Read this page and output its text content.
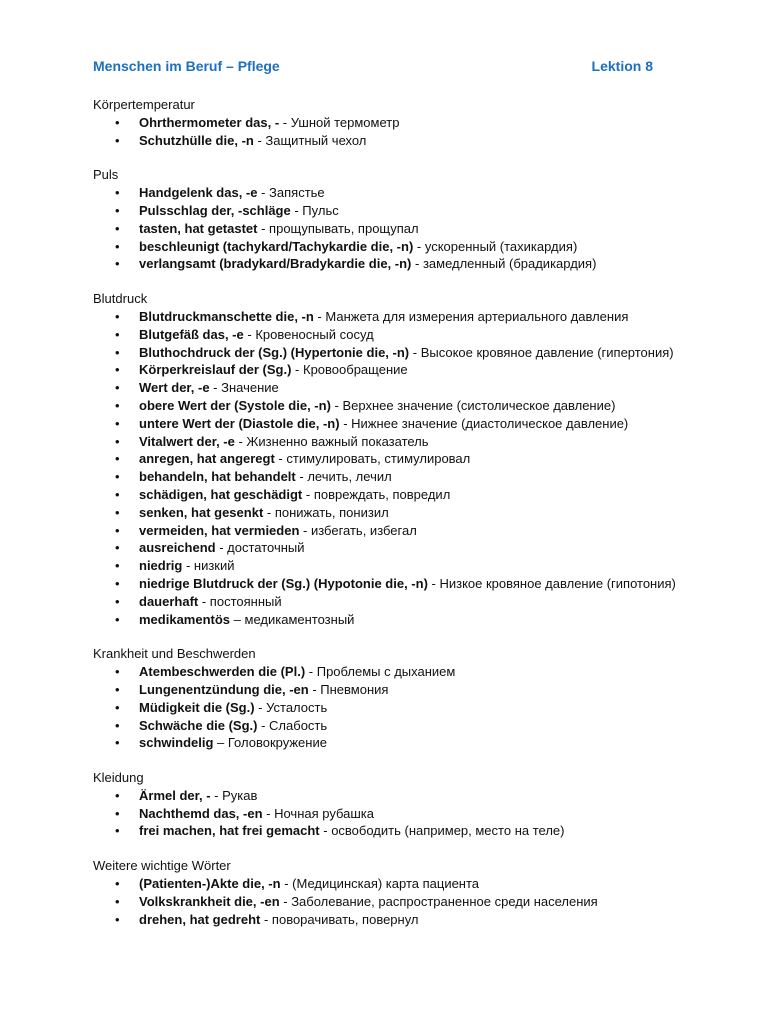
Menschen im Beruf – Pflege	Lektion 8

Körpertemperatur

• Ohrthermometer das, - - Ушной термометр
• Schutzhülle die, -n - Защитный чехол

Puls

• Handgelenk das, -e - Запястье
• Pulsschlag der, -schläge - Пульс
• tasten, hat getastet - прощупывать, прощупал
• beschleunigt (tachykard/Tachykardie die, -n) - ускоренный (тахикардия)
• verlangsamt (bradykard/Bradykardie die, -n) - замедленный (брадикардия)

Blutdruck

• Blutdruckmanschette die, -n - Манжета для измерения артериального давления
• Blutgefäß das, -e - Кровеносный сосуд
• Bluthochdruck der (Sg.) (Hypertonie die, -n) - Высокое кровяное давление (гипертония)
• Körperkreislauf der (Sg.) - Кровообращение
• Wert der, -e - Значение
• obere Wert der (Systole die, -n) - Верхнее значение (систолическое давление)
• untere Wert der (Diastole die, -n) - Нижнее значение (диастолическое давление)
• Vitalwert der, -e - Жизненно важный показатель
• anregen, hat angeregt - стимулировать, стимулировал
• behandeln, hat behandelt - лечить, лечил
• schädigen, hat geschädigt - повреждать, повредил
• senken, hat gesenkt - понижать, понизил
• vermeiden, hat vermieden - избегать, избегал
• ausreichend - достаточный
• niedrig - низкий
• niedrige Blutdruck der (Sg.) (Hypotonie die, -n) - Низкое кровяное давление (гипотония)
• dauerhaft - постоянный
• medikamentös – медикаментозный

Krankheit und Beschwerden

• Atembeschwerden die (Pl.) - Проблемы с дыханием
• Lungenentzündung die, -en - Пневмония
• Müdigkeit die (Sg.) - Усталость
• Schwäche die (Sg.) - Слабость
• schwindelig – Головокружение

Kleidung

• Ärmel der, - - Рукав
• Nachthemd das, -en - Ночная рубашка
• frei machen, hat frei gemacht - освободить (например, место на теле)

Weitere wichtige Wörter

• (Patienten-)Akte die, -n - (Медицинская) карта пациента
• Volkskrankheit die, -en - Заболевание, распространенное среди населения
• drehen, hat gedreht - поворачивать, повернул
